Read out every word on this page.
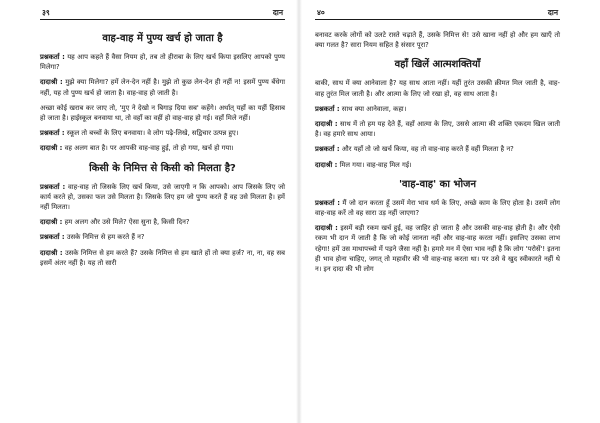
३९	दान
वाह-वाह में पुण्य खर्च हो जाता है

प्रश्नकर्ता : यह आप कहते हैं वैसा नियम हो, तब तो हीराबा के लिए खर्च किया इसलिए आपको पुण्य मिलेगा?

दादाश्री : मुझे क्या मिलेगा? हमें लेन-देन नहीं है। मुझे तो कुछ लेन-देन ही नहीं न! इसमें पुण्य बँधेगा नहीं, यह तो पुण्य खर्च हो जाता है। वाह-वाह हो जाती है।

अच्छा कोई खराब कर जाए तो, 'मुए ने देखो न बिगाड़ दिया सब' कहेंगे। अर्थात् यहाँ का यहीं हिसाब हो जाता है। हाईस्कूल बनवाया था, तो वहाँ का वहीं हो वाह-वाह हो गई। वहाँ मिले नहीं।

प्रश्नकर्ता : स्कूल तो बच्चों के लिए बनवाया। वे लोग पढ़े-लिखे, सद्विचार उत्पन्न हुए।

दादाश्री : वह अलग बात है। पर आपकी वाह-वाह हुई, तो हो गया, खर्च हो गया।

किसी के निमित्त से किसी को मिलता है?

प्रश्नकर्ता : वाह-वाह तो जिसके लिए खर्च किया, उसे जाएगी न कि आपको। आप जिसके लिए जो कार्य करते हो, उसका फल उसे मिलता है। जिसके लिए हम जो पुण्य करते हैं वह उसे मिलता है। हमें नहीं मिलता।

दादाश्री : हम अलग और उसे मिले? ऐसा सुना है, किसी दिन?

प्रश्नकर्ता : उसके निमित्त से हम करते हैं न?

दादाश्री : उसके निमित्त से हम करते हैं? उसके निमित्त से हम खाते हों तो क्या हर्ज? ना, ना, वह सब इसमें अंतर नहीं है। यह तो सारी

४०	दान

बनावट करके लोगों को उलटे रास्ते चढ़ाते हैं, उसके निमित्त से! उसे खाना नहीं हो और हम खाएँ तो क्या गलत है? सारा नियम सहित है संसार पूरा?

वहाँ खिलें आत्मशक्तियाँ

बाकी, साथ में क्या आनेवाला है? यह साथ आता नहीं। यहीं तुरंत उसकी क्रीमत मिल जाती है, वाह-वाह तुरंत मिल जाती है। और आत्मा के लिए जो रखा हो, वह साथ आता है।

प्रश्नकर्ता : साथ क्या आनेवाला, कहा।

दादाश्री : साथ में तो हम यह देते हैं, वहाँ आत्मा के लिए, उससे आत्मा की शक्ति एकदम खिल जाती है। वह हमारे साथ आया।

प्रश्नकर्ता : और यहाँ तो जो खर्च किया, वह तो वाह-वाह करते हैं वहीं मिलता है न?

दादाश्री : मिल गया। वाह-वाह मिल गई।

'वाह-वाह' का भोजन

प्रश्नकर्ता : मैं जो दान करता हूँ उसमें मेरा भाव धर्म के लिए, अच्छे काम के लिए होता है। उसमें लोग वाह-वाह करें तो वह सारा उड़ नहीं जाएगा?

दादाश्री : इसमें बड़ी रकम खर्च हुई, वह जाहिर हो जाता है और उसकी वाह-वाह होती है। और ऐसी रकम भी दान में जाती है कि जो कोई जानता नहीं और वाह-वाह करता नहीं। इसलिए उसका लाभ रहेगा! हमें उस माथापच्चो में पड़ने जैसा नहीं है। हमारे मन में ऐसा भाव नहीं है कि लोग 'परोसें'! इतना ही भाव होना चाहिए, जगत् तो महावीर की भी वाह-वाह करता था। पर उसे वे खुद स्वीकारते नहीं थे न। इन दादा की भी लोग
